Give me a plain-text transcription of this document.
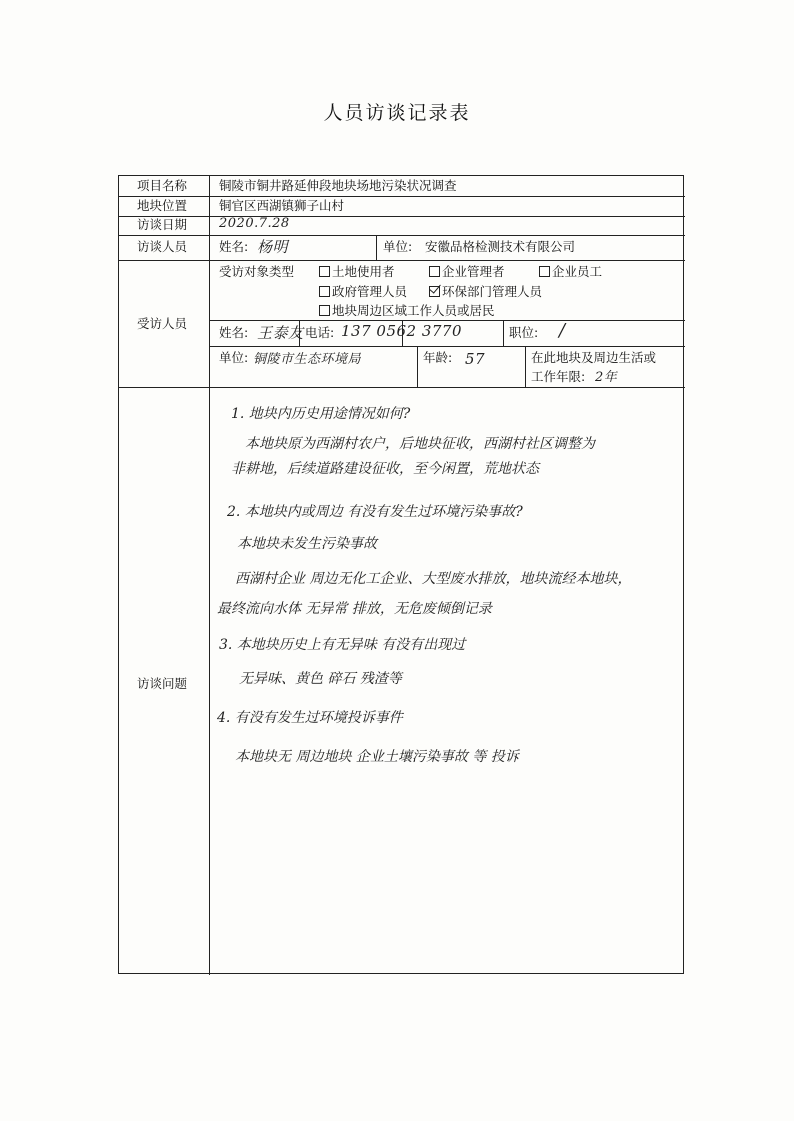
人员访谈记录表
项目名称	铜陵市铜井路延伸段地块场地污染状况调查
地块位置	铜官区西湖镇狮子山村
访谈日期 2020.7.28
访谈人员	姓名: 杨明	单位: 安徽品格检测技术有限公司
受访人员
受访对象类型	土地使用者	企业管理者	企业员工
政府管理人员	环保部门管理人员
地块周边区域工作人员或居民
姓名: 王泰友 电话: 137 0562 3770	职位: /
单位: 铜陵市生态环境局	年龄: 57	在此地块及周边生活或
工作年限: 2年
访谈问题
1. 地块内历史用途情况如何?
本地块原为西湖村农户，后地块征收，西湖村社区调整为
非耕地，后续道路建设征收，至今闲置，荒地状态
2. 本地块内或周边 有没有发生过环境污染事故?
本地块未发生污染事故
西湖村企业 周边无化工企业、大型废水排放，地块流经本地块，
最终流向水体 无异常 排放，无危废倾倒记录
3. 本地块历史上有无异味 有没有出现过
无异味、黄色 碎石 残渣等
4. 有没有发生过环境投诉事件
本地块无 周边地块 企业土壤污染事故 等 投诉
